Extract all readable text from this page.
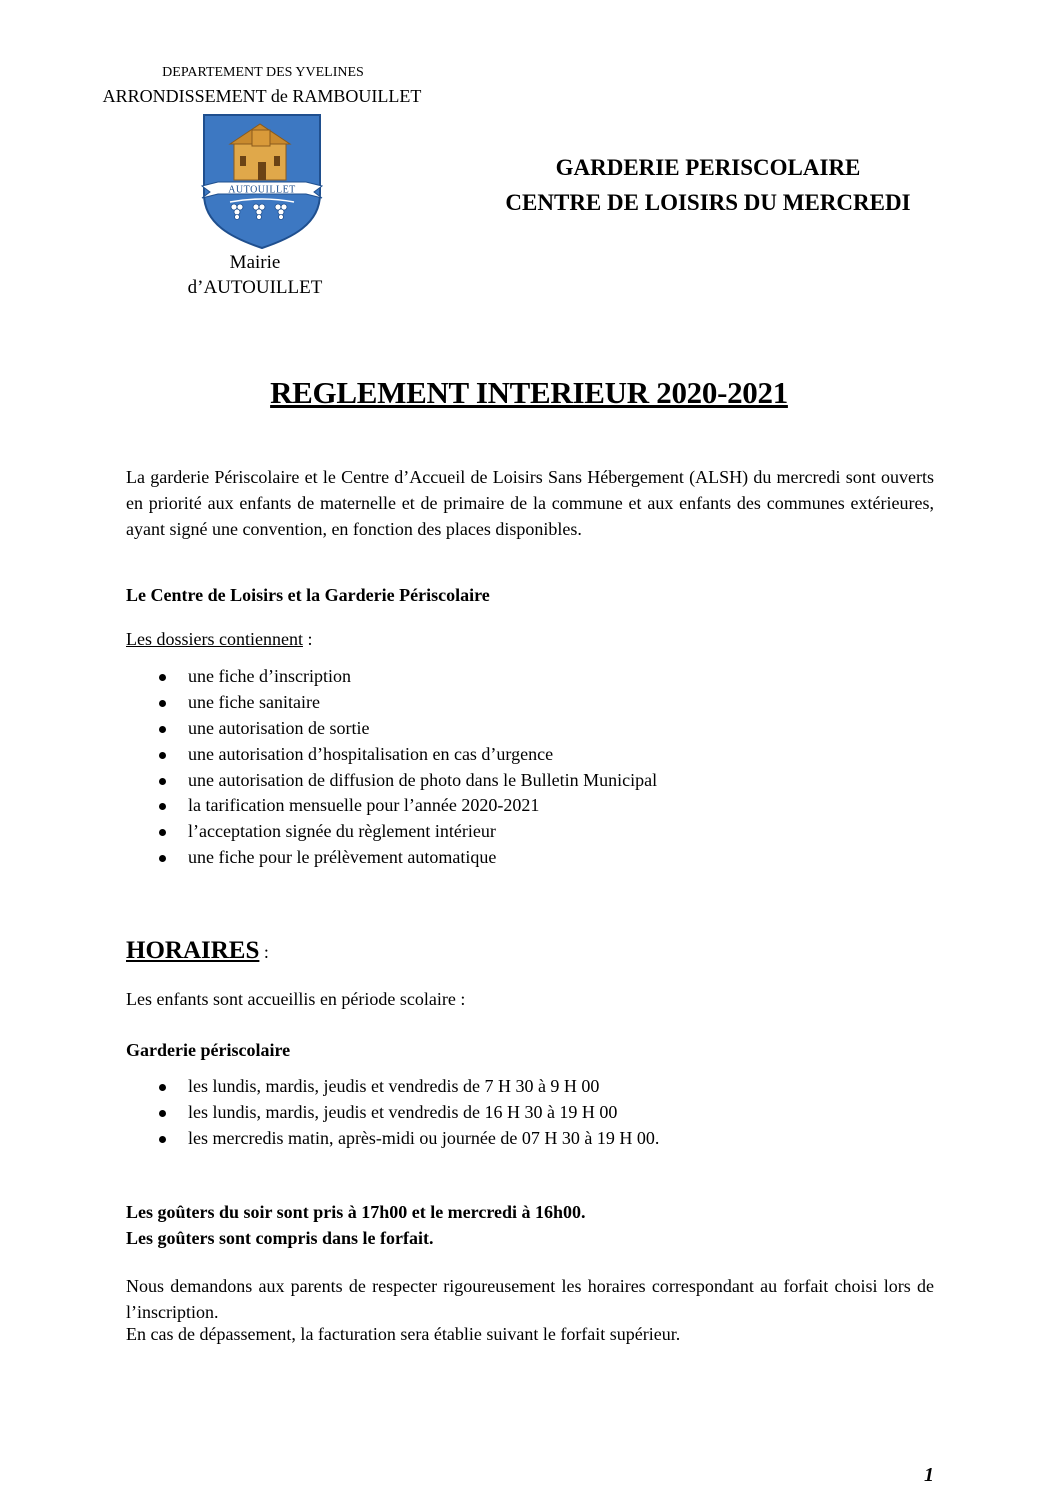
DEPARTEMENT DES YVELINES
ARRONDISSEMENT de RAMBOUILLET
AUTOUILLET
Mairie
d’AUTOUILLET
GARDERIE PERISCOLAIRE
CENTRE DE LOISIRS DU MERCREDI
REGLEMENT INTERIEUR 2020-2021
La garderie Périscolaire et le Centre d’Accueil de Loisirs Sans Hébergement (ALSH) du mercredi sont ouverts en priorité aux enfants de maternelle et de primaire de la commune et aux enfants des communes extérieures, ayant signé une convention, en fonction des places disponibles.
Le Centre de Loisirs et la Garderie Périscolaire
Les dossiers contiennent :
une fiche d’inscription
une fiche sanitaire
une autorisation de sortie
une autorisation d’hospitalisation en cas d’urgence
une autorisation de diffusion de photo dans le Bulletin Municipal
la tarification mensuelle pour l’année 2020-2021
l’acceptation signée du règlement intérieur
une fiche pour le prélèvement automatique
HORAIRES :
Les enfants sont accueillis en période scolaire :
Garderie périscolaire
les lundis, mardis, jeudis et vendredis de 7 H 30 à 9 H 00
les lundis, mardis, jeudis et vendredis de 16 H 30 à 19 H 00
les mercredis matin, après-midi ou journée de 07 H 30 à 19 H 00.
Les goûters du soir sont pris à 17h00 et le mercredi à 16h00.
Les goûters sont compris dans le forfait.
Nous demandons aux parents de respecter rigoureusement les horaires correspondant au forfait choisi lors de l’inscription.
En cas de dépassement, la facturation sera établie suivant le forfait supérieur.
1
